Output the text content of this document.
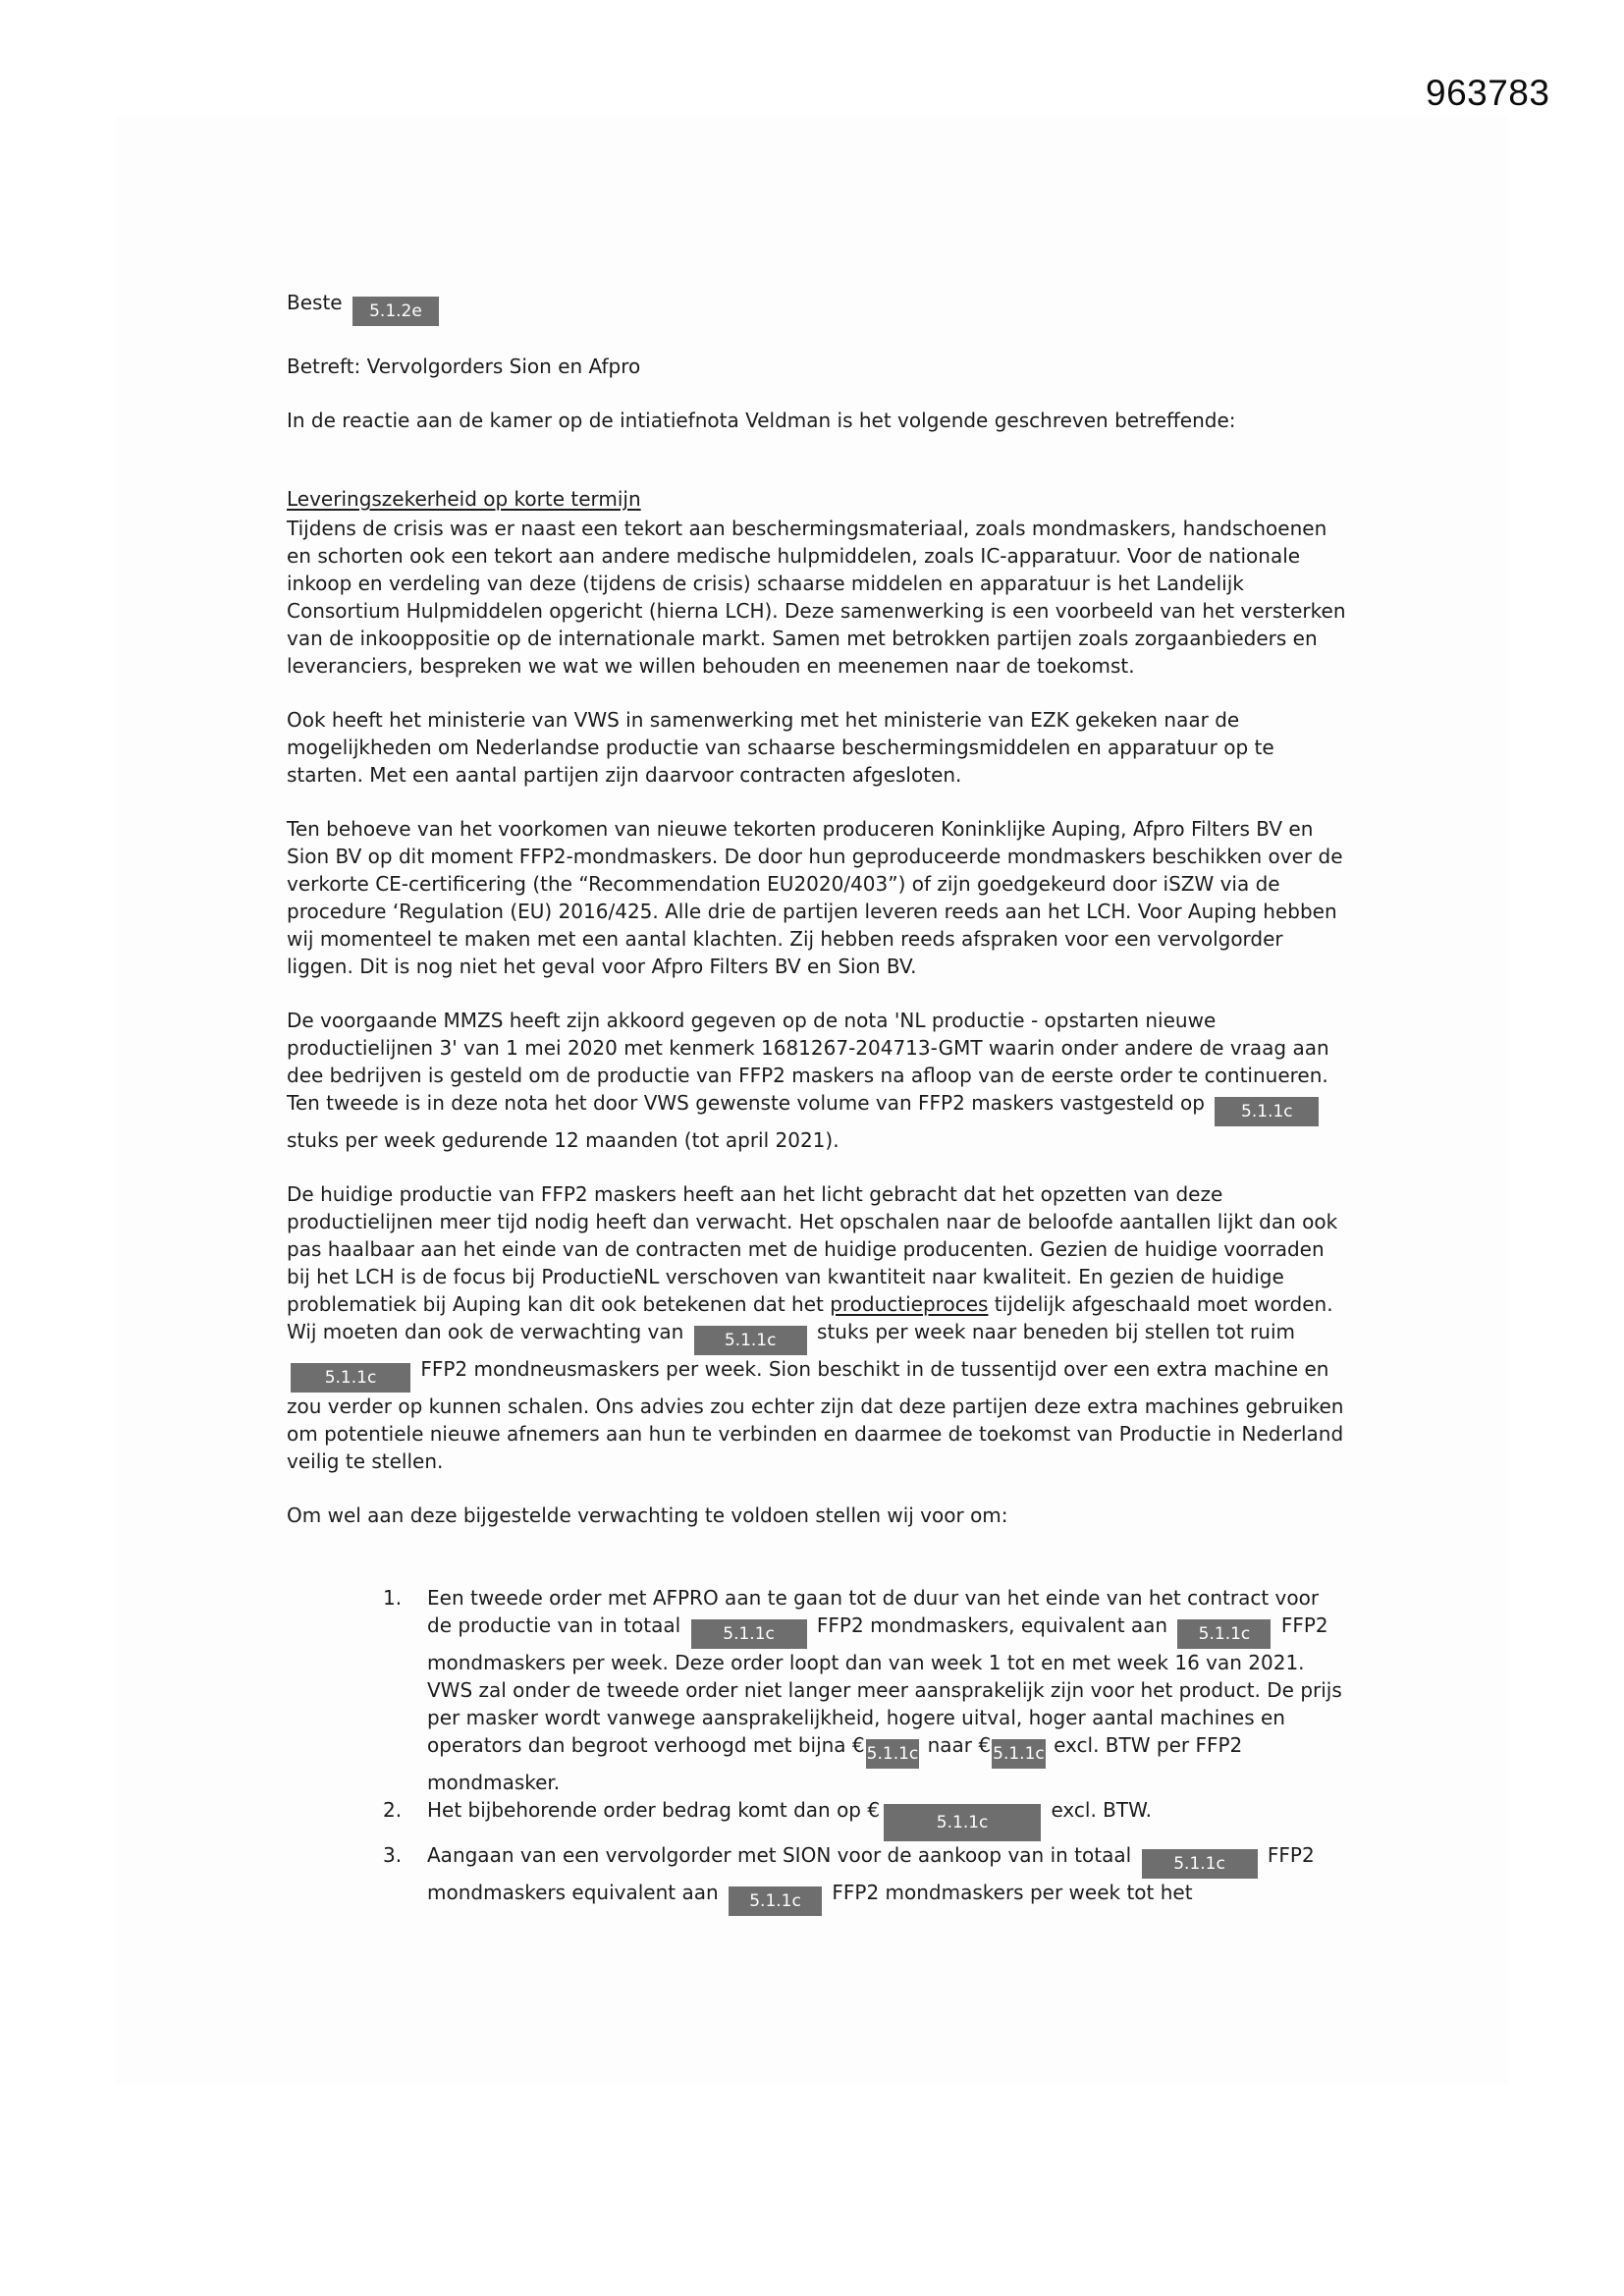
963783
Beste 5.1.2e
Betreft: Vervolgorders Sion en Afpro
In de reactie aan de kamer op de intiatiefnota Veldman is het volgende geschreven betreffende:
Leveringszekerheid op korte termijn
Tijdens de crisis was er naast een tekort aan beschermingsmateriaal, zoals mondmaskers, handschoenen en schorten ook een tekort aan andere medische hulpmiddelen, zoals IC-apparatuur. Voor de nationale inkoop en verdeling van deze (tijdens de crisis) schaarse middelen en apparatuur is het Landelijk Consortium Hulpmiddelen opgericht (hierna LCH). Deze samenwerking is een voorbeeld van het versterken van de inkooppositie op de internationale markt. Samen met betrokken partijen zoals zorgaanbieders en leveranciers, bespreken we wat we willen behouden en meenemen naar de toekomst.
Ook heeft het ministerie van VWS in samenwerking met het ministerie van EZK gekeken naar de mogelijkheden om Nederlandse productie van schaarse beschermingsmiddelen en apparatuur op te starten. Met een aantal partijen zijn daarvoor contracten afgesloten.
Ten behoeve van het voorkomen van nieuwe tekorten produceren Koninklijke Auping, Afpro Filters BV en Sion BV op dit moment FFP2-mondmaskers. De door hun geproduceerde mondmaskers beschikken over de verkorte CE-certificering (the “Recommendation EU2020/403”) of zijn goedgekeurd door iSZW via de procedure ‘Regulation (EU) 2016/425. Alle drie de partijen leveren reeds aan het LCH. Voor Auping hebben wij momenteel te maken met een aantal klachten. Zij hebben reeds afspraken voor een vervolgorder liggen. Dit is nog niet het geval voor Afpro Filters BV en Sion BV.
De voorgaande MMZS heeft zijn akkoord gegeven op de nota 'NL productie - opstarten nieuwe productielijnen 3' van 1 mei 2020 met kenmerk 1681267-204713-GMT waarin onder andere de vraag aan dee bedrijven is gesteld om de productie van FFP2 maskers na afloop van de eerste order te continueren. Ten tweede is in deze nota het door VWS gewenste volume van FFP2 maskers vastgesteld op 5.1.1c stuks per week gedurende 12 maanden (tot april 2021).
De huidige productie van FFP2 maskers heeft aan het licht gebracht dat het opzetten van deze productielijnen meer tijd nodig heeft dan verwacht. Het opschalen naar de beloofde aantallen lijkt dan ook pas haalbaar aan het einde van de contracten met de huidige producenten. Gezien de huidige voorraden bij het LCH is de focus bij ProductieNL verschoven van kwantiteit naar kwaliteit. En gezien de huidige problematiek bij Auping kan dit ook betekenen dat het productieproces tijdelijk afgeschaald moet worden. Wij moeten dan ook de verwachting van 5.1.1c stuks per week naar beneden bij stellen tot ruim 5.1.1c FFP2 mondneusmaskers per week. Sion beschikt in de tussentijd over een extra machine en zou verder op kunnen schalen. Ons advies zou echter zijn dat deze partijen deze extra machines gebruiken om potentiele nieuwe afnemers aan hun te verbinden en daarmee de toekomst van Productie in Nederland veilig te stellen.
Om wel aan deze bijgestelde verwachting te voldoen stellen wij voor om:
1.	Een tweede order met AFPRO aan te gaan tot de duur van het einde van het contract voor de productie van in totaal 5.1.1c FFP2 mondmaskers, equivalent aan 5.1.1c FFP2 mondmaskers per week. Deze order loopt dan van week 1 tot en met week 16 van 2021. VWS zal onder de tweede order niet langer meer aansprakelijk zijn voor het product. De prijs per masker wordt vanwege aansprakelijkheid, hogere uitval, hoger aantal machines en operators dan begroot verhoogd met bijna € 5.1.1c naar € 5.1.1c excl. BTW per FFP2 mondmasker.
2.	Het bijbehorende order bedrag komt dan op €5.1.1c excl. BTW.
3.	Aangaan van een vervolgorder met SION voor de aankoop van in totaal 5.1.1c FFP2 mondmaskers equivalent aan 5.1.1c FFP2 mondmaskers per week tot het
